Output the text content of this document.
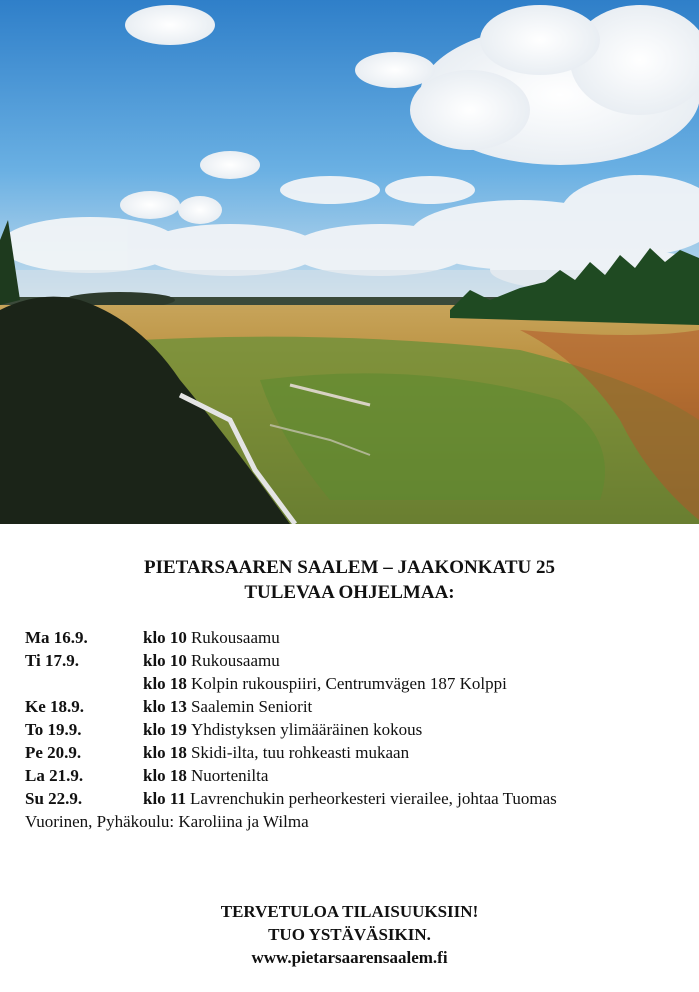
PIETARSAAREN SAALEM – JAAKONKATU 25
TULEVAA OHJELMAA:
Ma 16.9.	klo 10 Rukousaamu
Ti 17.9.	klo 10 Rukousaamu
klo 18 Kolpin rukouspiiri, Centrumvägen 187 Kolppi
Ke 18.9.	klo 13 Saalemin Seniorit
To 19.9.	klo 19 Yhdistyksen ylimääräinen kokous
Pe 20.9.	klo 18 Skidi-ilta, tuu rohkeasti mukaan
La 21.9.	klo 18 Nuortenilta
Su 22.9.	klo 11 Lavrenchukin perheorkesteri vierailee, johtaa Tuomas
Vuorinen, Pyhäkoulu: Karoliina ja Wilma
TERVETULOA TILAISUUKSIIN!
TUO YSTÄVÄSIKIN.
www.pietarsaarensaalem.fi
